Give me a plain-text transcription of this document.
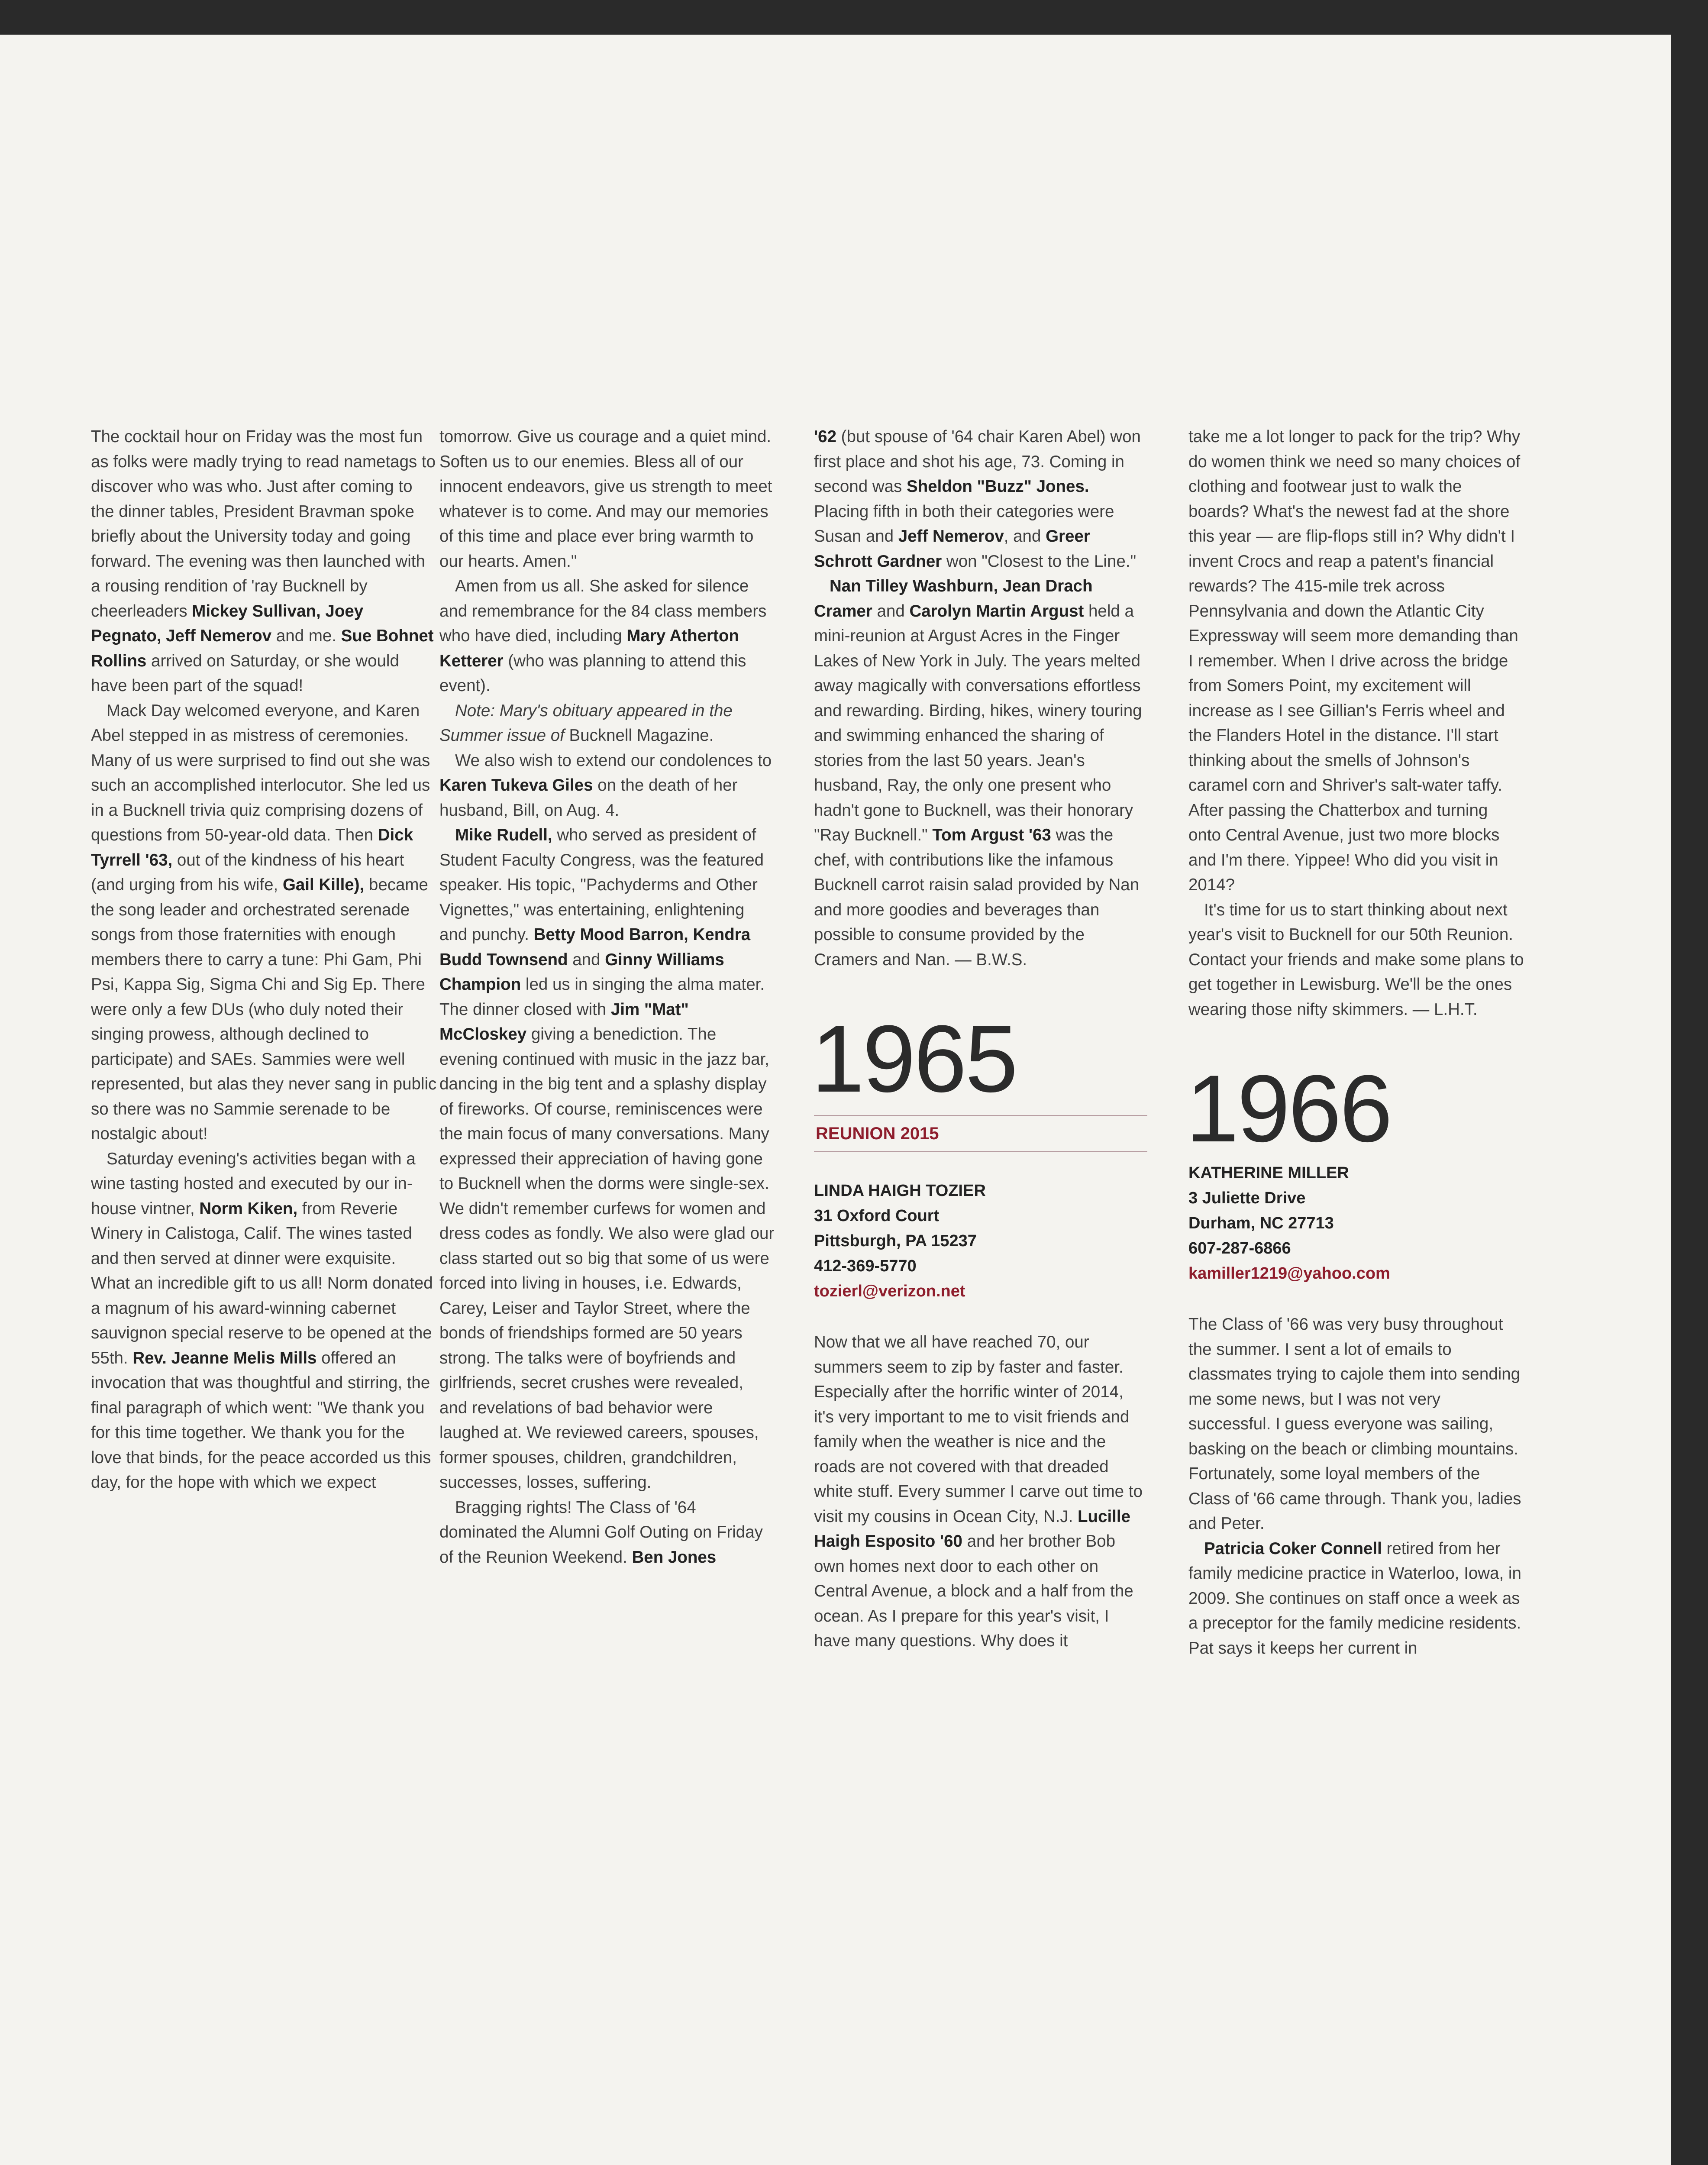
The cocktail hour on Friday was the most fun as folks were madly trying to read nametags to discover who was who. Just after coming to the dinner tables, President Bravman spoke briefly about the University today and going forward. The evening was then launched with a rousing rendition of 'ray Bucknell by cheerleaders Mickey Sullivan, Joey Pegnato, Jeff Nemerov and me. Sue Bohnet Rollins arrived on Saturday, or she would have been part of the squad!

Mack Day welcomed everyone, and Karen Abel stepped in as mistress of ceremonies. Many of us were surprised to find out she was such an accomplished interlocutor. She led us in a Bucknell trivia quiz comprising dozens of questions from 50-year-old data. Then Dick Tyrrell '63, out of the kindness of his heart (and urging from his wife, Gail Kille), became the song leader and orchestrated serenade songs from those fraternities with enough members there to carry a tune: Phi Gam, Phi Psi, Kappa Sig, Sigma Chi and Sig Ep. There were only a few DUs (who duly noted their singing prowess, although declined to participate) and SAEs. Sammies were well represented, but alas they never sang in public so there was no Sammie serenade to be nostalgic about!

Saturday evening's activities began with a wine tasting hosted and executed by our in-house vintner, Norm Kiken, from Reverie Winery in Calistoga, Calif. The wines tasted and then served at dinner were exquisite. What an incredible gift to us all! Norm donated a magnum of his award-winning cabernet sauvignon special reserve to be opened at the 55th. Rev. Jeanne Melis Mills offered an invocation that was thoughtful and stirring, the final paragraph of which went: "We thank you for this time together. We thank you for the love that binds, for the peace accorded us this day, for the hope with which we expect

tomorrow. Give us courage and a quiet mind. Soften us to our enemies. Bless all of our innocent endeavors, give us strength to meet whatever is to come. And may our memories of this time and place ever bring warmth to our hearts. Amen."

Amen from us all. She asked for silence and remembrance for the 84 class members who have died, including Mary Atherton Ketterer (who was planning to attend this event).

Note: Mary's obituary appeared in the Summer issue of Bucknell Magazine.

We also wish to extend our condolences to Karen Tukeva Giles on the death of her husband, Bill, on Aug. 4.

Mike Rudell, who served as president of Student Faculty Congress, was the featured speaker. His topic, "Pachyderms and Other Vignettes," was entertaining, enlightening and punchy. Betty Mood Barron, Kendra Budd Townsend and Ginny Williams Champion led us in singing the alma mater. The dinner closed with Jim "Mat" McCloskey giving a benediction. The evening continued with music in the jazz bar, dancing in the big tent and a splashy display of fireworks. Of course, reminiscences were the main focus of many conversations. Many expressed their appreciation of having gone to Bucknell when the dorms were single-sex. We didn't remember curfews for women and dress codes as fondly. We also were glad our class started out so big that some of us were forced into living in houses, i.e. Edwards, Carey, Leiser and Taylor Street, where the bonds of friendships formed are 50 years strong. The talks were of boyfriends and girlfriends, secret crushes were revealed, and revelations of bad behavior were laughed at. We reviewed careers, spouses, former spouses, children, grandchildren, successes, losses, suffering.

Bragging rights! The Class of '64 dominated the Alumni Golf Outing on Friday of the Reunion Weekend. Ben Jones

'62 (but spouse of '64 chair Karen Abel) won first place and shot his age, 73. Coming in second was Sheldon "Buzz" Jones. Placing fifth in both their categories were Susan and Jeff Nemerov, and Greer Schrott Gardner won "Closest to the Line."

Nan Tilley Washburn, Jean Drach Cramer and Carolyn Martin Argust held a mini-reunion at Argust Acres in the Finger Lakes of New York in July. The years melted away magically with conversations effortless and rewarding. Birding, hikes, winery touring and swimming enhanced the sharing of stories from the last 50 years. Jean's husband, Ray, the only one present who hadn't gone to Bucknell, was their honorary "Ray Bucknell." Tom Argust '63 was the chef, with contributions like the infamous Bucknell carrot raisin salad provided by Nan and more goodies and beverages than possible to consume provided by the Cramers and Nan. — B.W.S.

1965
REUNION 2015
LINDA HAIGH TOZIER
31 Oxford Court
Pittsburgh, PA 15237
412-369-5770
tozierl@verizon.net

Now that we all have reached 70, our summers seem to zip by faster and faster. Especially after the horrific winter of 2014, it's very important to me to visit friends and family when the weather is nice and the roads are not covered with that dreaded white stuff. Every summer I carve out time to visit my cousins in Ocean City, N.J. Lucille Haigh Esposito '60 and her brother Bob own homes next door to each other on Central Avenue, a block and a half from the ocean. As I prepare for this year's visit, I have many questions. Why does it

take me a lot longer to pack for the trip? Why do women think we need so many choices of clothing and footwear just to walk the boards? What's the newest fad at the shore this year — are flip-flops still in? Why didn't I invent Crocs and reap a patent's financial rewards? The 415-mile trek across Pennsylvania and down the Atlantic City Expressway will seem more demanding than I remember. When I drive across the bridge from Somers Point, my excitement will increase as I see Gillian's Ferris wheel and the Flanders Hotel in the distance. I'll start thinking about the smells of Johnson's caramel corn and Shriver's salt-water taffy. After passing the Chatterbox and turning onto Central Avenue, just two more blocks and I'm there. Yippee! Who did you visit in 2014?

It's time for us to start thinking about next year's visit to Bucknell for our 50th Reunion. Contact your friends and make some plans to get together in Lewisburg. We'll be the ones wearing those nifty skimmers. — L.H.T.

1966
KATHERINE MILLER
3 Juliette Drive
Durham, NC 27713
607-287-6866
kamiller1219@yahoo.com

The Class of '66 was very busy throughout the summer. I sent a lot of emails to classmates trying to cajole them into sending me some news, but I was not very successful. I guess everyone was sailing, basking on the beach or climbing mountains. Fortunately, some loyal members of the Class of '66 came through. Thank you, ladies and Peter.

Patricia Coker Connell retired from her family medicine practice in Waterloo, Iowa, in 2009. She continues on staff once a week as a preceptor for the family medicine residents. Pat says it keeps her current in
